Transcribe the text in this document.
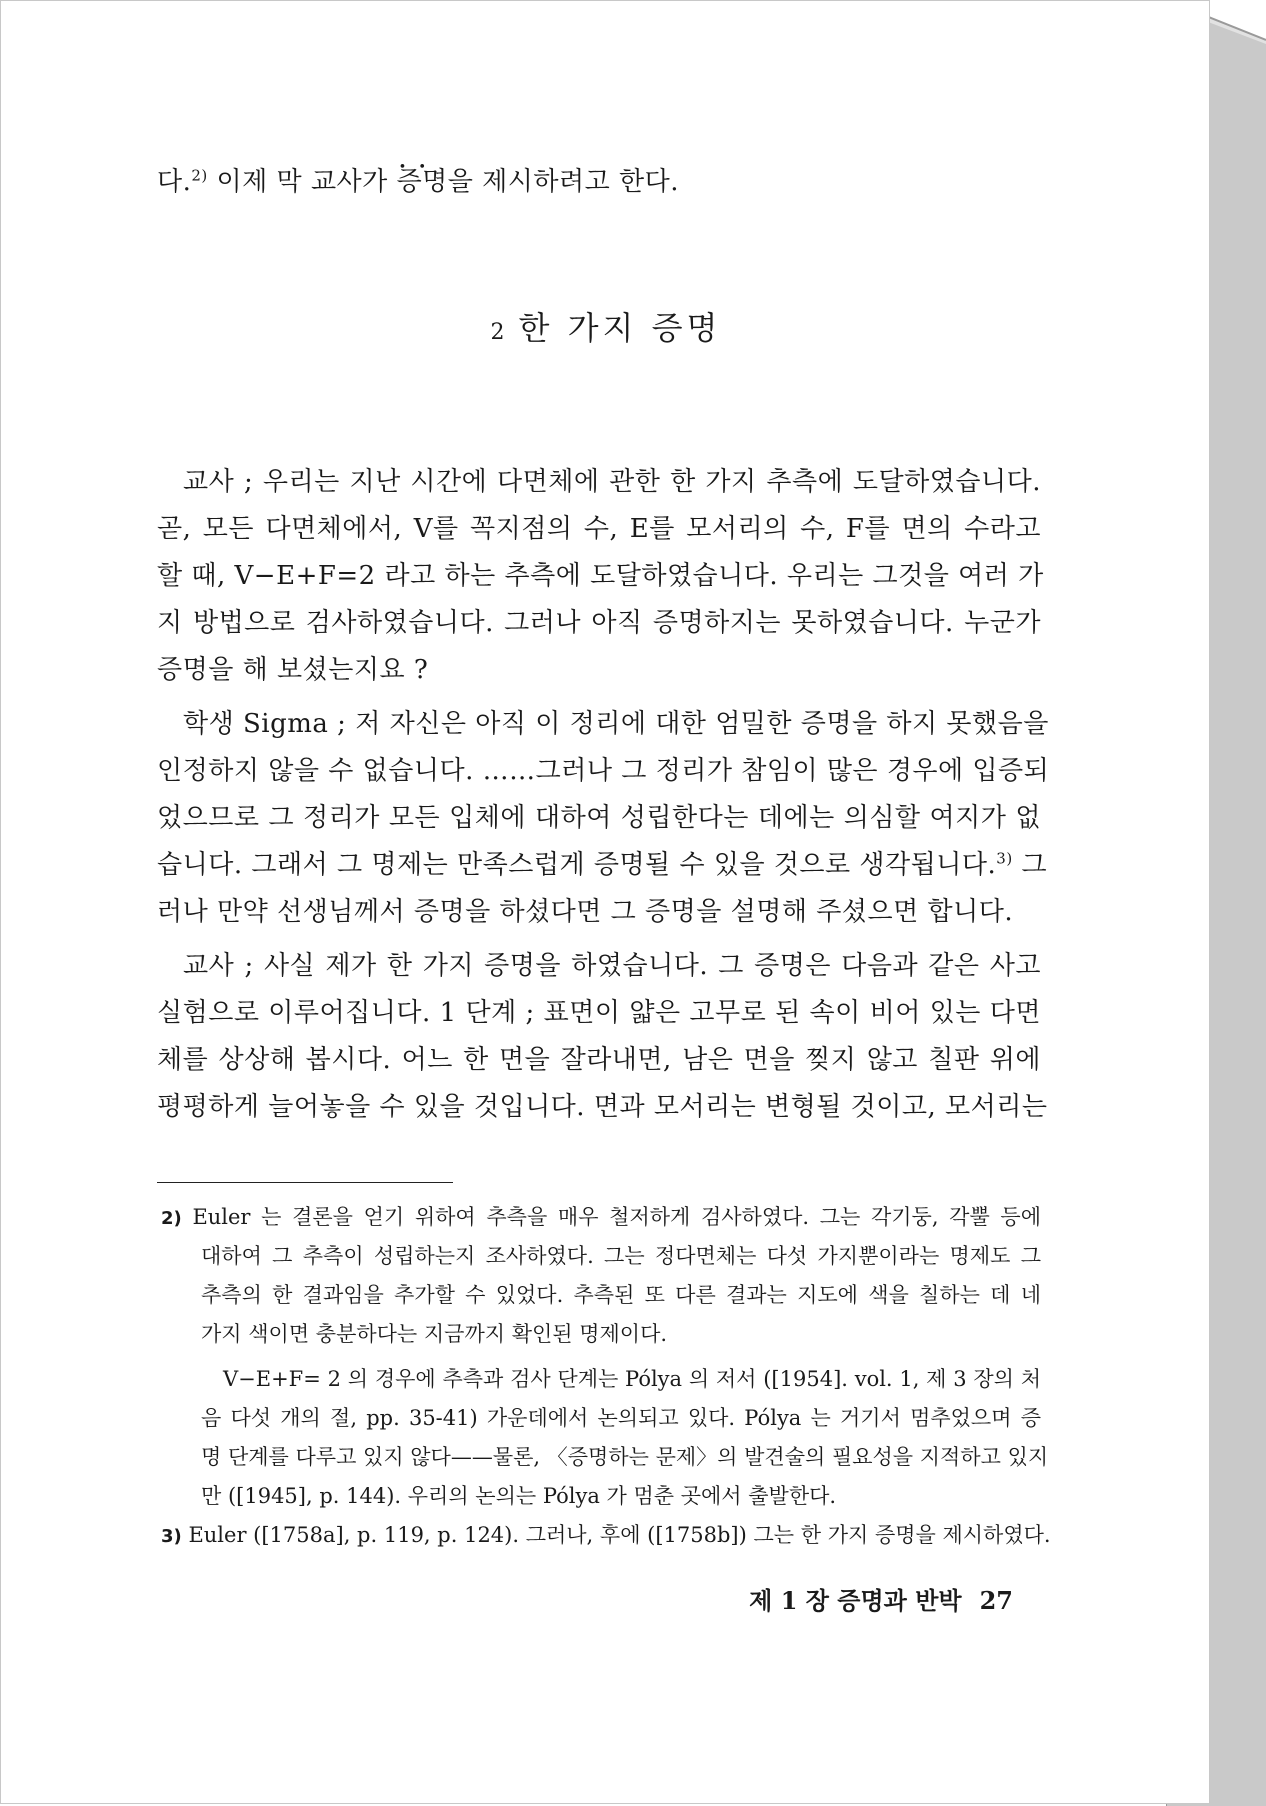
다.$^{2)}$ 이제 막 교사가 • • 증명을 제시하려고 한다.
2 한 가지 증명
교사 ; 우리는 지난 시간에 다면체에 관한 한 가지 추측에 도달하였습니다.
곧, 모든 다면체에서, V를 꼭지점의 수, E를 모서리의 수, F를 면의 수라고
할 때, V−E+F=2 라고 하는 추측에 도달하였습니다. 우리는 그것을 여러 가
지 방법으로 검사하였습니다. 그러나 아직 증명하지는 못하였습니다. 누군가
증명을 해 보셨는지요 ?
학생 Sigma ; 저 자신은 아직 이 정리에 대한 엄밀한 증명을 하지 못했음을
인정하지 않을 수 없습니다. ……그러나 그 정리가 참임이 많은 경우에 입증되
었으므로 그 정리가 모든 입체에 대하여 성립한다는 데에는 의심할 여지가 없
습니다. 그래서 그 명제는 만족스럽게 증명될 수 있을 것으로 생각됩니다.$^{3)}$ 그
러나 만약 선생님께서 증명을 하셨다면 그 증명을 설명해 주셨으면 합니다.
교사 ; 사실 제가 한 가지 증명을 하였습니다. 그 증명은 다음과 같은 사고
실험으로 이루어집니다. 1 단계 ; 표면이 얇은 고무로 된 속이 비어 있는 다면
체를 상상해 봅시다. 어느 한 면을 잘라내면, 남은 면을 찢지 않고 칠판 위에
평평하게 늘어놓을 수 있을 것입니다. 면과 모서리는 변형될 것이고, 모서리는
2) Euler 는 결론을 얻기 위하여 추측을 매우 철저하게 검사하였다. 그는 각기둥, 각뿔 등에
대하여 그 추측이 성립하는지 조사하였다. 그는 정다면체는 다섯 가지뿐이라는 명제도 그
추측의 한 결과임을 추가할 수 있었다. 추측된 또 다른 결과는 지도에 색을 칠하는 데 네
가지 색이면 충분하다는 지금까지 확인된 명제이다.
V−E+F= 2 의 경우에 추측과 검사 단계는 Pólya 의 저서 ([1954]. vol. 1, 제 3 장의 처
음 다섯 개의 절, pp. 35-41) 가운데에서 논의되고 있다. Pólya 는 거기서 멈추었으며 증
명 단계를 다루고 있지 않다——물론, 〈증명하는 문제〉의 발견술의 필요성을 지적하고 있지
만 ([1945], p. 144). 우리의 논의는 Pólya 가 멈춘 곳에서 출발한다.
3) Euler ([1758a], p. 119, p. 124). 그러나, 후에 ([1758b]) 그는 한 가지 증명을 제시하였다.
제 1 장 증명과 반박 27
